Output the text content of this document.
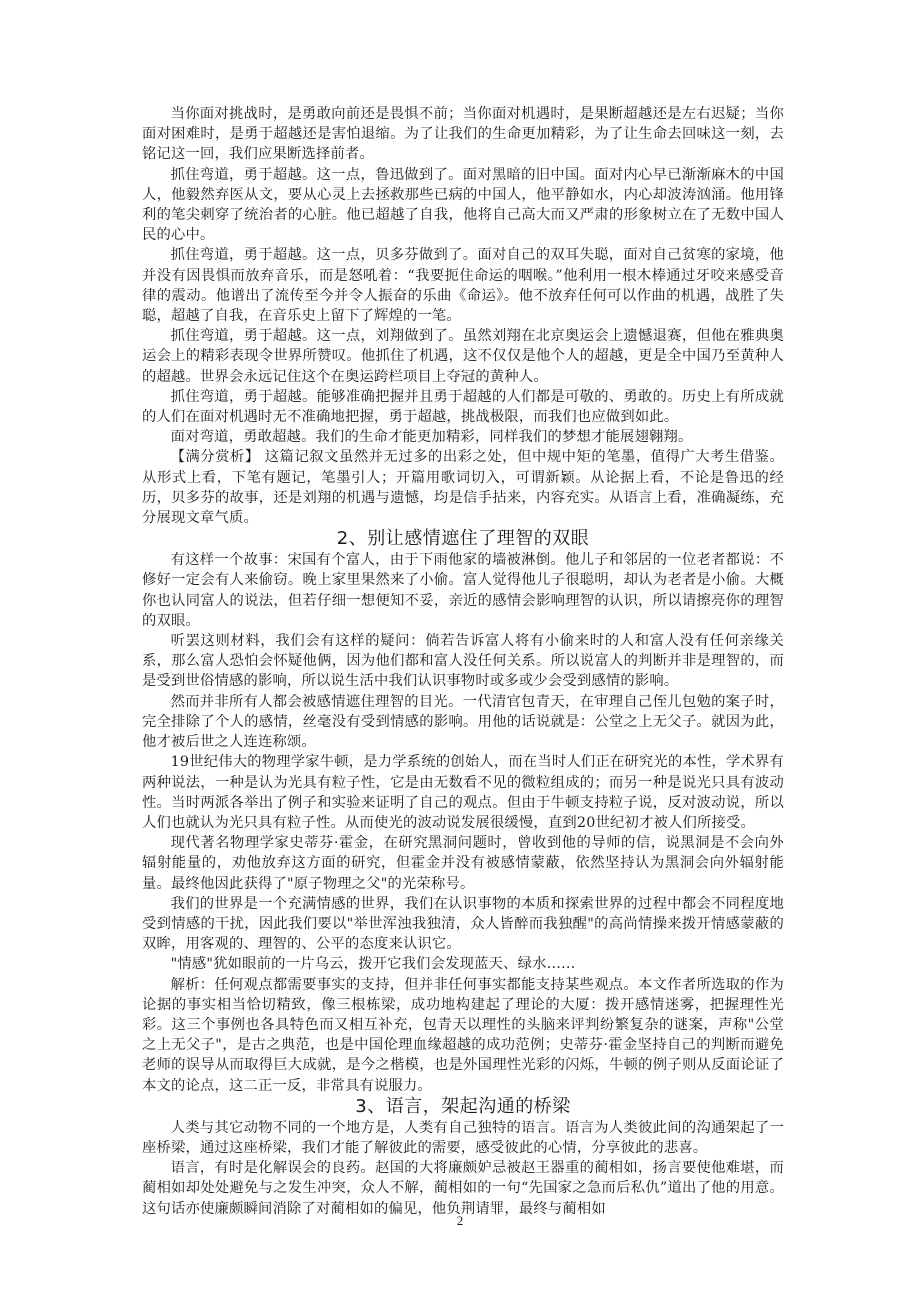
当你面对挑战时，是勇敢向前还是畏惧不前；当你面对机遇时，是果断超越还是左右迟疑；当你面对困难时，是勇于超越还是害怕退缩。为了让我们的生命更加精彩，为了让生命去回味这一刻，去铭记这一回，我们应果断选择前者。

抓住弯道，勇于超越。这一点，鲁迅做到了。面对黑暗的旧中国。面对内心早已渐渐麻木的中国人，他毅然弃医从文，要从心灵上去拯救那些已病的中国人，他平静如水，内心却波涛汹涌。他用锋利的笔尖刺穿了统治者的心脏。他已超越了自我，他将自己高大而又严肃的形象树立在了无数中国人民的心中。

抓住弯道，勇于超越。这一点，贝多芬做到了。面对自己的双耳失聪，面对自己贫寒的家境，他并没有因畏惧而放弃音乐，而是怒吼着：“我要扼住命运的咽喉。”他利用一根木棒通过牙咬来感受音律的震动。他谱出了流传至今并令人振奋的乐曲《命运》。他不放弃任何可以作曲的机遇，战胜了失聪，超越了自我，在音乐史上留下了辉煌的一笔。

抓住弯道，勇于超越。这一点，刘翔做到了。虽然刘翔在北京奥运会上遗憾退赛，但他在雅典奥运会上的精彩表现令世界所赞叹。他抓住了机遇，这不仅仅是他个人的超越，更是全中国乃至黄种人的超越。世界会永远记住这个在奥运跨栏项目上夺冠的黄种人。

抓住弯道，勇于超越。能够准确把握并且勇于超越的人们都是可敬的、勇敢的。历史上有所成就的人们在面对机遇时无不准确地把握，勇于超越，挑战极限，而我们也应做到如此。

面对弯道，勇敢超越。我们的生命才能更加精彩，同样我们的梦想才能展翅翱翔。

【满分赏析】 这篇记叙文虽然并无过多的出彩之处，但中规中矩的笔墨，值得广大考生借鉴。从形式上看，下笔有题记，笔墨引人；开篇用歌词切入，可谓新颖。从论据上看，不论是鲁迅的经历，贝多芬的故事，还是刘翔的机遇与遗憾，均是信手拈来，内容充实。从语言上看，准确凝练，充分展现文章气质。

2、别让感情遮住了理智的双眼

有这样一个故事：宋国有个富人，由于下雨他家的墙被淋倒。他儿子和邻居的一位老者都说：不修好一定会有人来偷窃。晚上家里果然来了小偷。富人觉得他儿子很聪明，却认为老者是小偷。大概你也认同富人的说法，但若仔细一想便知不妥，亲近的感情会影响理智的认识，所以请擦亮你的理智的双眼。

听罢这则材料，我们会有这样的疑问：倘若告诉富人将有小偷来时的人和富人没有任何亲缘关系，那么富人恐怕会怀疑他俩，因为他们都和富人没任何关系。所以说富人的判断并非是理智的，而是受到世俗情感的影响，所以说生活中我们认识事物时或多或少会受到感情的影响。

然而并非所有人都会被感情遮住理智的目光。一代清官包青天，在审理自己侄儿包勉的案子时，完全排除了个人的感情，丝毫没有受到情感的影响。用他的话说就是：公堂之上无父子。就因为此，他才被后世之人连连称颂。

19世纪伟大的物理学家牛顿，是力学系统的创始人，而在当时人们正在研究光的本性，学术界有两种说法，一种是认为光具有粒子性，它是由无数看不见的微粒组成的；而另一种是说光只具有波动性。当时两派各举出了例子和实验来证明了自己的观点。但由于牛顿支持粒子说，反对波动说，所以人们也就认为光只具有粒子性。从而使光的波动说发展很缓慢，直到20世纪初才被人们所接受。

现代著名物理学家史蒂芬·霍金，在研究黑洞问题时，曾收到他的导师的信，说黑洞是不会向外辐射能量的，劝他放弃这方面的研究，但霍金并没有被感情蒙蔽，依然坚持认为黑洞会向外辐射能量。最终他因此获得了"原子物理之父"的光荣称号。

我们的世界是一个充满情感的世界，我们在认识事物的本质和探索世界的过程中都会不同程度地受到情感的干扰，因此我们要以"举世浑浊我独清，众人皆醉而我独醒"的高尚情操来拨开情感蒙蔽的双眸，用客观的、理智的、公平的态度来认识它。

"情感"犹如眼前的一片乌云，拨开它我们会发现蓝天、绿水……

解析：任何观点都需要事实的支持，但并非任何事实都能支持某些观点。本文作者所选取的作为论据的事实相当恰切精致，像三根栋梁，成功地构建起了理论的大厦：拨开感情迷雾，把握理性光彩。这三个事例也各具特色而又相互补充，包青天以理性的头脑来评判纷繁复杂的谜案，声称"公堂之上无父子"，是古之典范，也是中国伦理血缘超越的成功范例；史蒂芬·霍金坚持自己的判断而避免老师的误导从而取得巨大成就，是今之楷模，也是外国理性光彩的闪烁，牛顿的例子则从反面论证了本文的论点，这二正一反，非常具有说服力。

3、语言，架起沟通的桥梁

人类与其它动物不同的一个地方是，人类有自己独特的语言。语言为人类彼此间的沟通架起了一座桥梁，通过这座桥梁，我们才能了解彼此的需要，感受彼此的心情，分享彼此的悲喜。

语言，有时是化解误会的良药。赵国的大将廉颇妒忌被赵王器重的蔺相如，扬言要使他难堪，而蔺相如却处处避免与之发生冲突，众人不解，蔺相如的一句“先国家之急而后私仇”道出了他的用意。这句话亦使廉颇瞬间消除了对蔺相如的偏见，他负荆请罪，最终与蔺相如

2
